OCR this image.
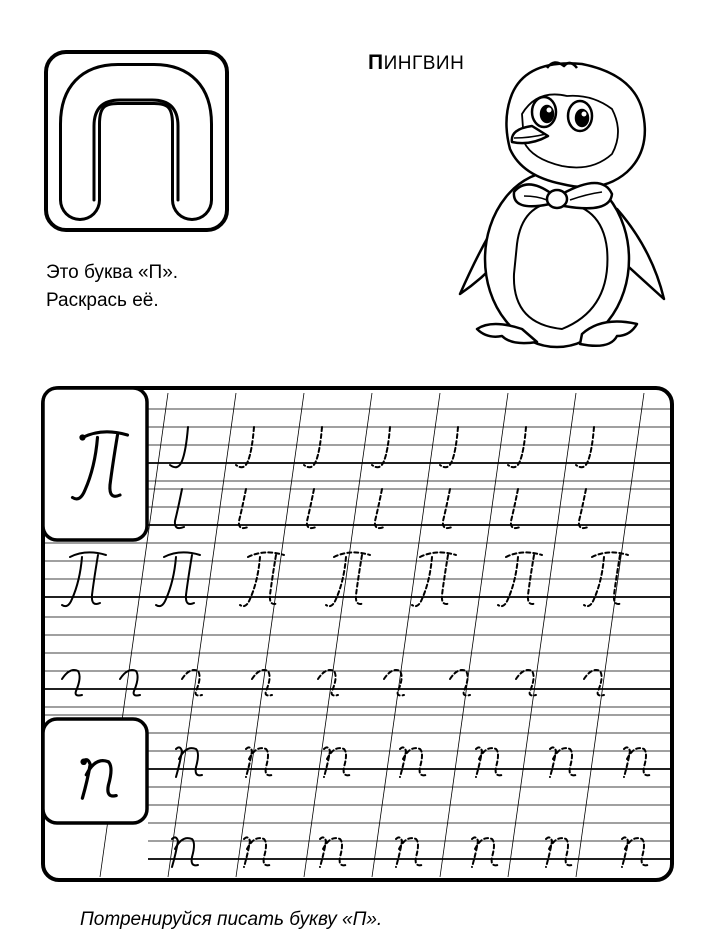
ПИНГВИН
Это буква «П».
Раскрась её.
Потренируйся писать букву «П».
